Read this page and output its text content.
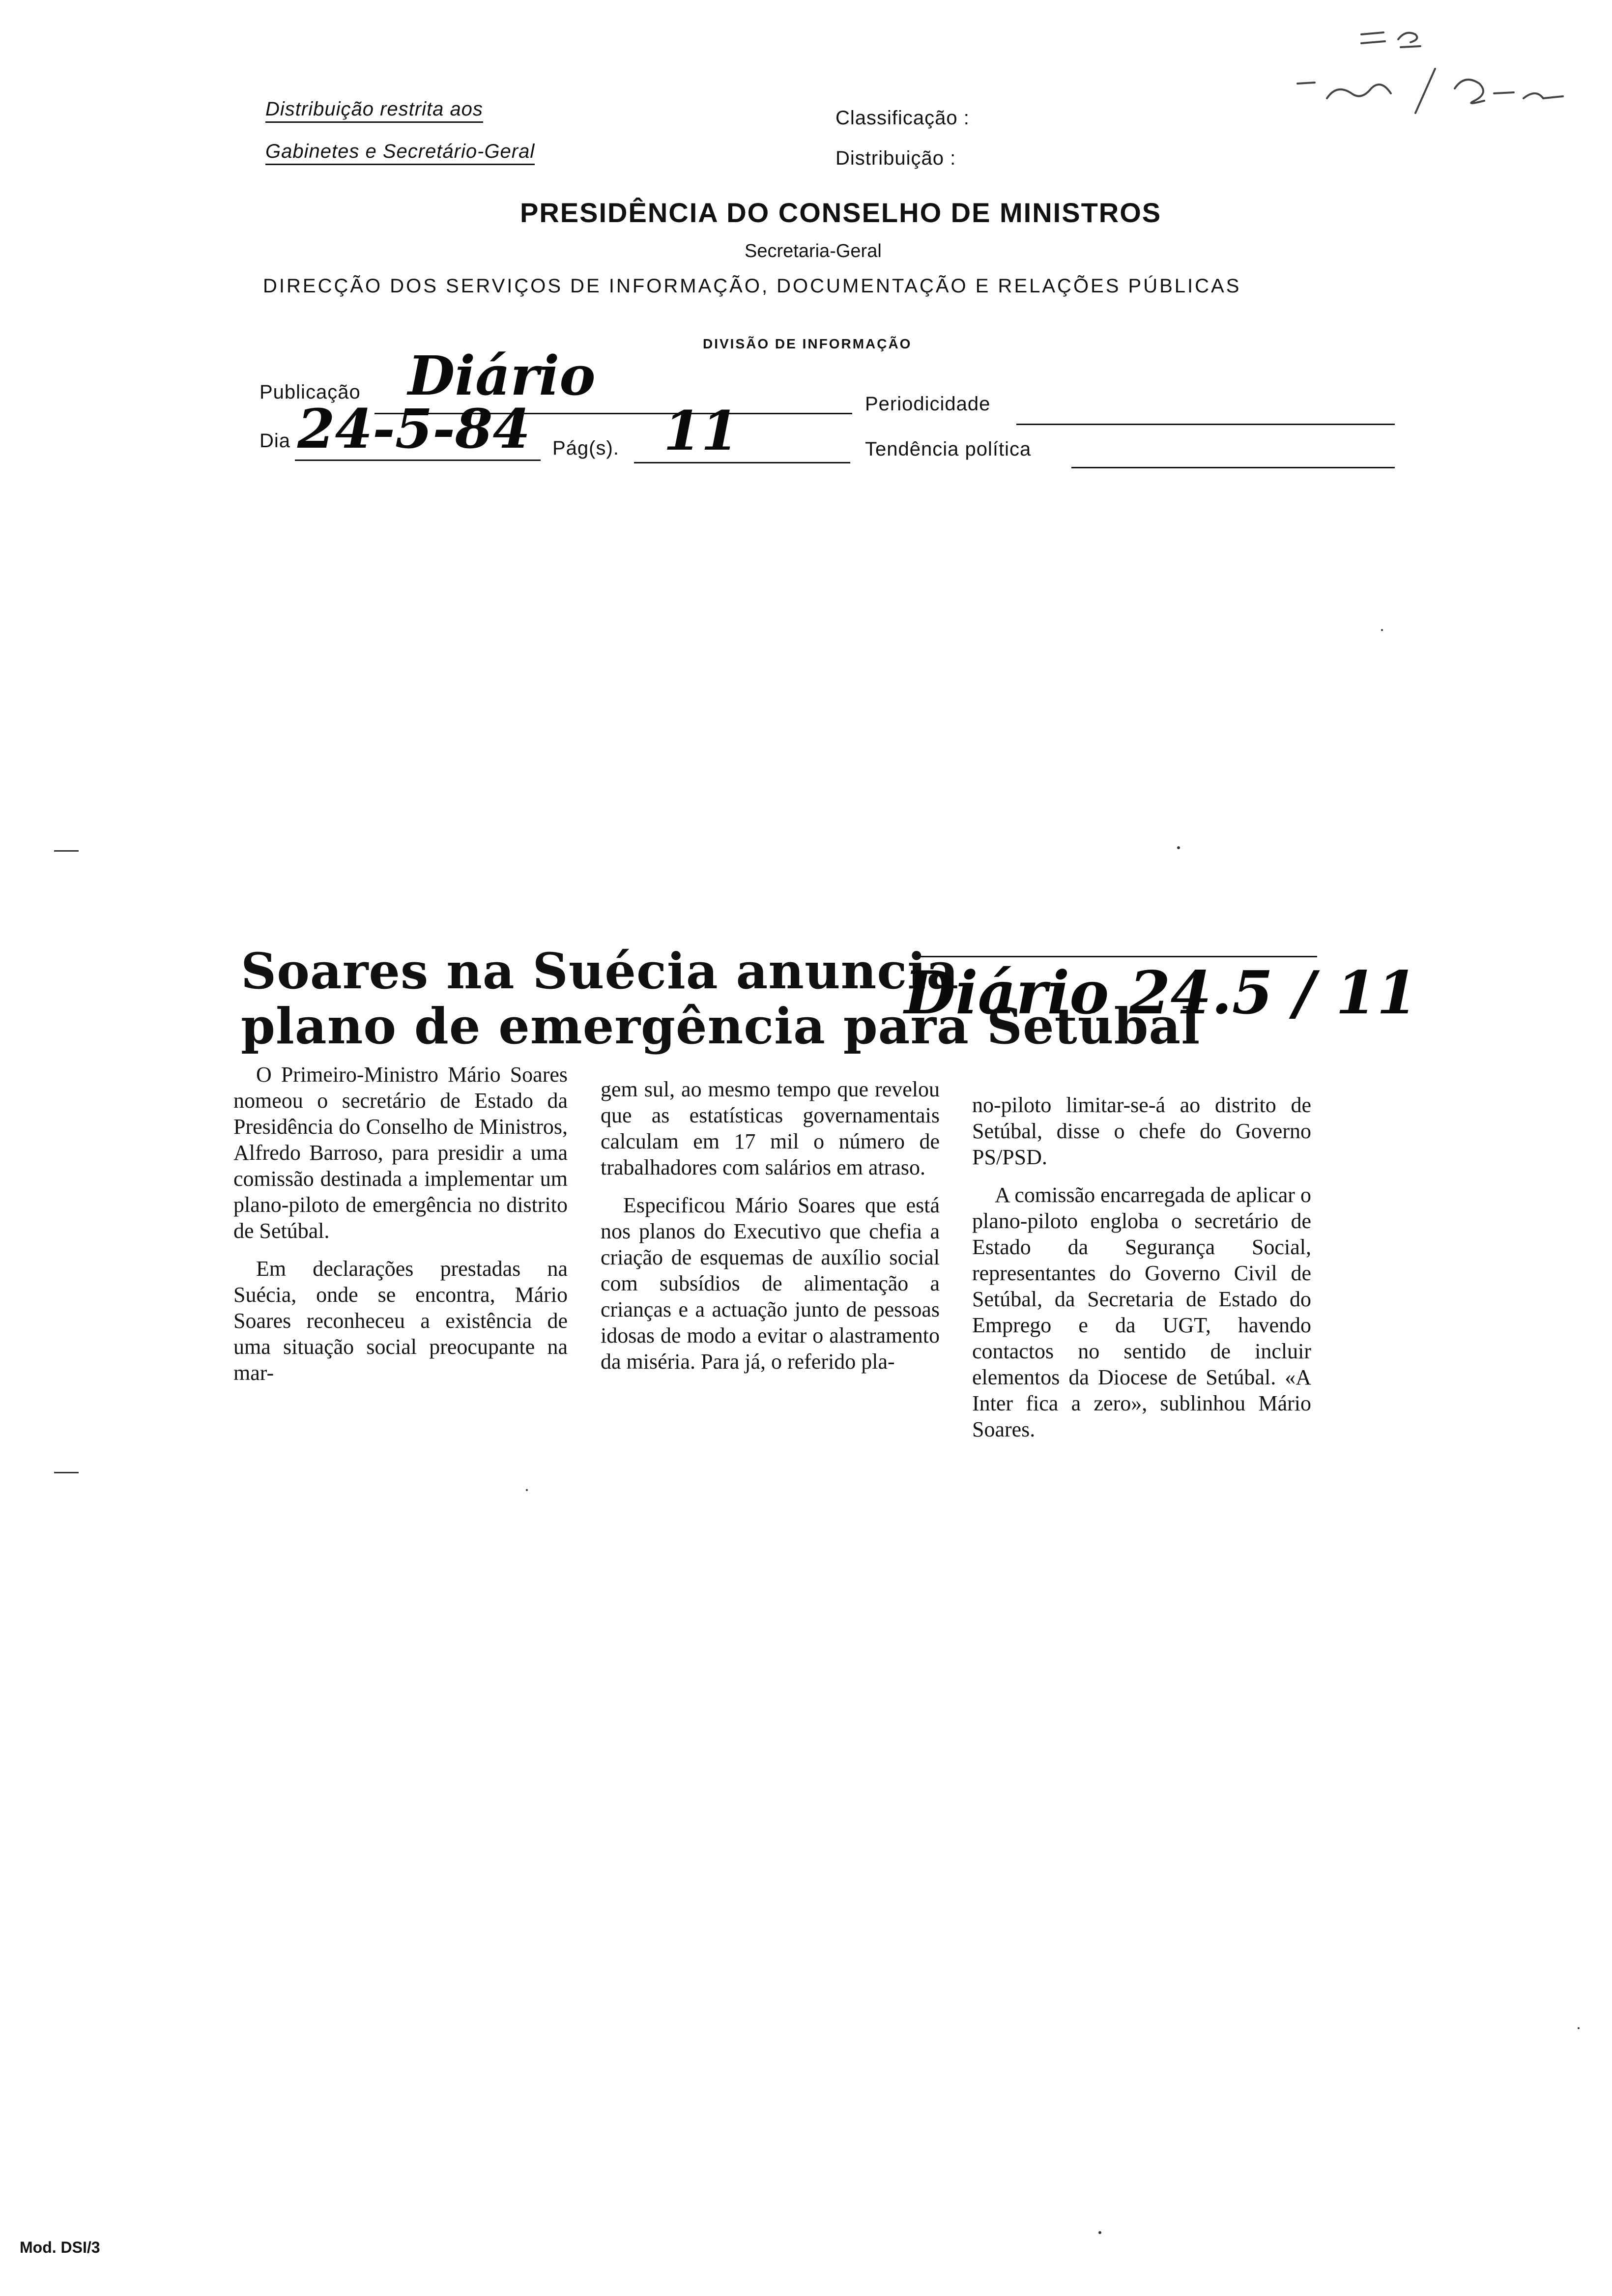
Distribuição restrita aos
Gabinetes e Secretário-Geral
Classificação :
Distribuição :
PRESIDÊNCIA DO CONSELHO DE MINISTROS
Secretaria-Geral
DIRECÇÃO DOS SERVIÇOS DE INFORMAÇÃO, DOCUMENTAÇÃO E RELAÇÕES PÚBLICAS
DIVISÃO DE INFORMAÇÃO
Publicação Diário	Periodicidade
Dia 24-5-84 Pág(s). 11	Tendência política
Soares na Suécia anuncia
plano de emergência para Setúbal
Diário 24.5 / 11

O Primeiro-Ministro Mário Soares nomeou o secretário de Estado da Presidência do Conselho de Ministros, Alfredo Barroso, para presidir a uma comissão destinada a implementar um plano-piloto de emergência no distrito de Setúbal.

Em declarações prestadas na Suécia, onde se encontra, Mário Soares reconheceu a existência de uma situação social preocupante na mar-

gem sul, ao mesmo tempo que revelou que as estatísticas governamentais calculam em 17 mil o número de trabalhadores com salários em atraso.

Especificou Mário Soares que está nos planos do Executivo que chefia a criação de esquemas de auxílio social com subsídios de alimentação a crianças e a actuação junto de pessoas idosas de modo a evitar o alastramento da miséria. Para já, o referido pla-

no-piloto limitar-se-á ao distrito de Setúbal, disse o chefe do Governo PS/PSD.

A comissão encarregada de aplicar o plano-piloto engloba o secretário de Estado da Segurança Social, representantes do Governo Civil de Setúbal, da Secretaria de Estado do Emprego e da UGT, havendo contactos no sentido de incluir elementos da Diocese de Setúbal. «A Inter fica a zero», sublinhou Mário Soares.

Mod. DSI/3
